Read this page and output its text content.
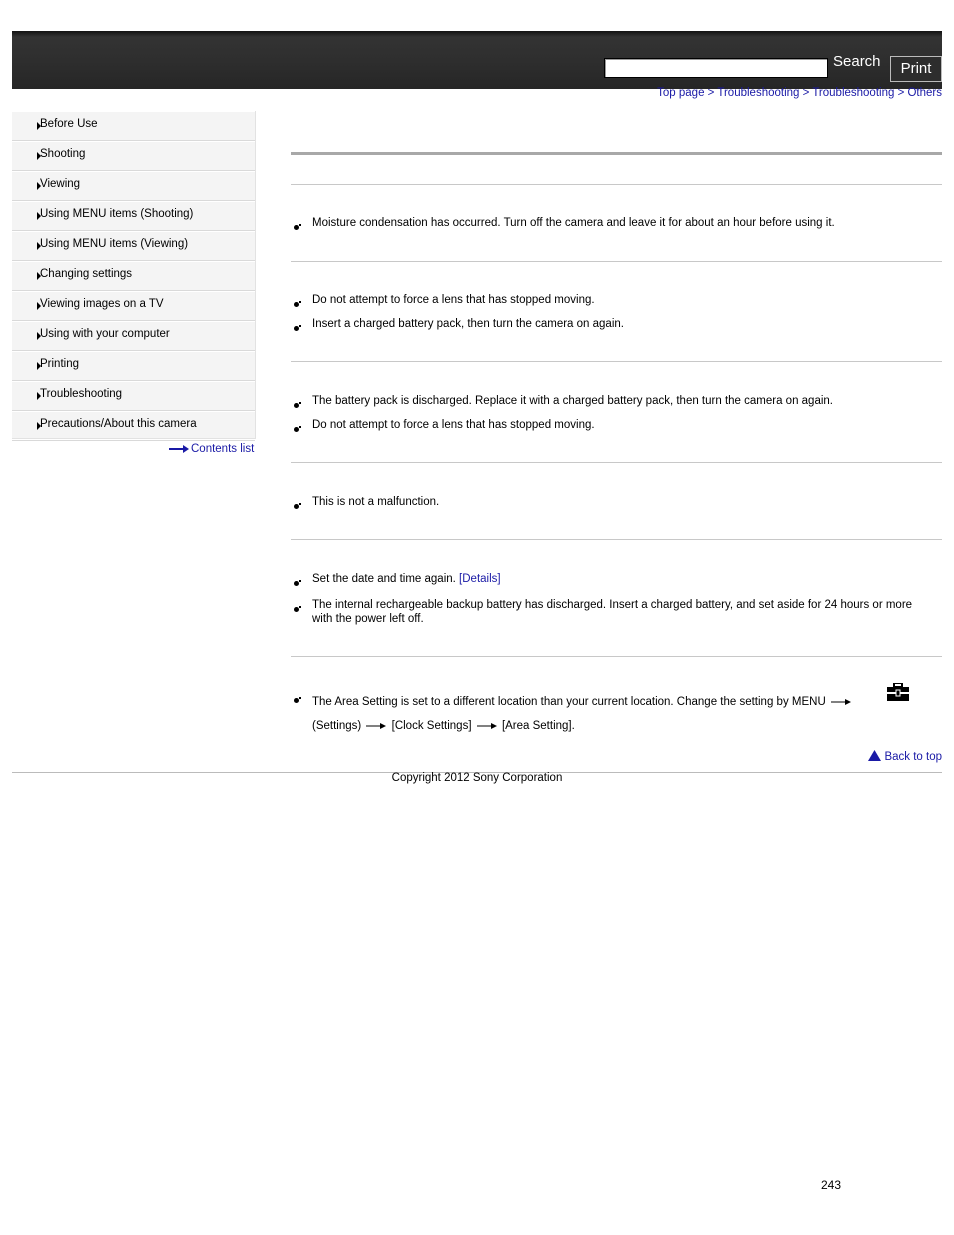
Search	Print
Top page > Troubleshooting > Troubleshooting > Others
Before Use
Shooting
Viewing
Using MENU items (Shooting)
Using MENU items (Viewing)
Changing settings
Viewing images on a TV
Using with your computer
Printing
Troubleshooting
Precautions/About this camera
Contents list
Moisture condensation has occurred. Turn off the camera and leave it for about an hour before using it.
Do not attempt to force a lens that has stopped moving.
Insert a charged battery pack, then turn the camera on again.
The battery pack is discharged. Replace it with a charged battery pack, then turn the camera on again.
Do not attempt to force a lens that has stopped moving.
This is not a malfunction.
Set the date and time again. [Details]
The internal rechargeable backup battery has discharged. Insert a charged battery, and set aside for 24 hours or more with the power left off.
The Area Setting is set to a different location than your current location. Change the setting by MENU
(Settings)	[Clock Settings]	[Area Setting].
Back to top
Copyright 2012 Sony Corporation
243
